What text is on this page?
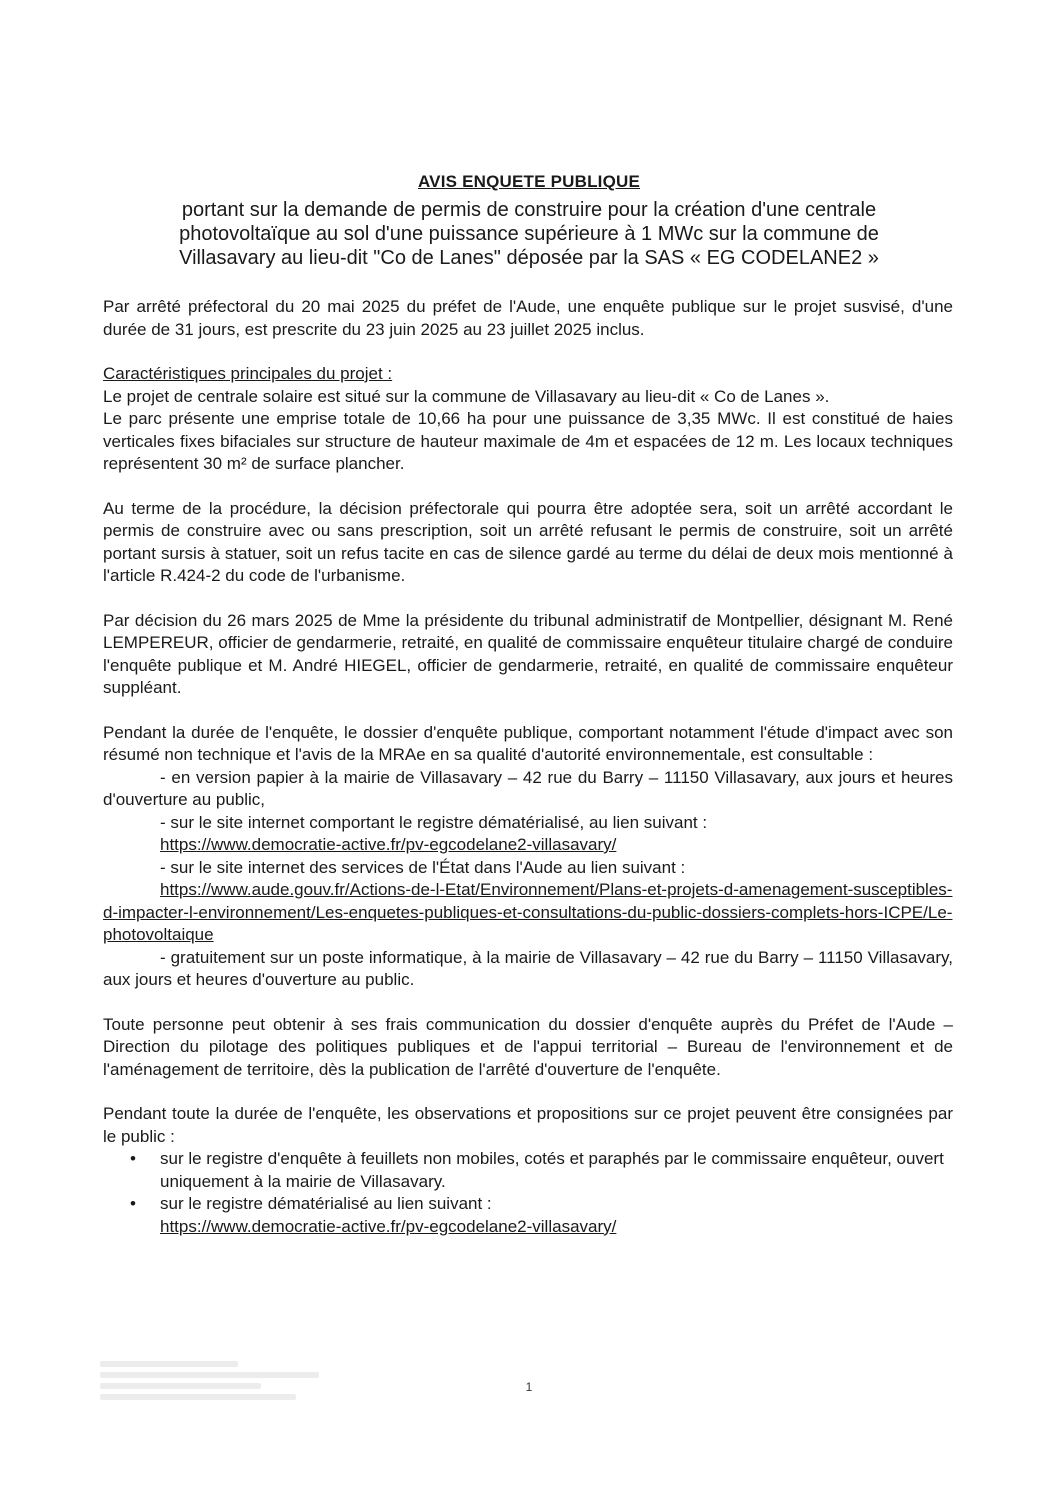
AVIS ENQUETE PUBLIQUE
portant sur la demande de permis de construire pour la création d'une centrale
photovoltaïque au sol d'une puissance supérieure à 1 MWc sur la commune de
Villasavary au lieu-dit "Co de Lanes" déposée par la SAS « EG CODELANE2 »

Par arrêté préfectoral du 20 mai 2025 du préfet de l'Aude, une enquête publique sur le projet susvisé, d'une durée de 31 jours, est prescrite du 23 juin 2025 au 23 juillet 2025 inclus.

Caractéristiques principales du projet :

Le projet de centrale solaire est situé sur la commune de Villasavary au lieu-dit « Co de Lanes ».

Le parc présente une emprise totale de 10,66 ha pour une puissance de 3,35 MWc. Il est constitué de haies verticales fixes bifaciales sur structure de hauteur maximale de 4m et espacées de 12 m. Les locaux techniques représentent 30 m² de surface plancher.

Au terme de la procédure, la décision préfectorale qui pourra être adoptée sera, soit un arrêté accordant le permis de construire avec ou sans prescription, soit un arrêté refusant le permis de construire, soit un arrêté portant sursis à statuer, soit un refus tacite en cas de silence gardé au terme du délai de deux mois mentionné à l'article R.424-2 du code de l'urbanisme.

Par décision du 26 mars 2025 de Mme la présidente du tribunal administratif de Montpellier, désignant M. René LEMPEREUR, officier de gendarmerie, retraité, en qualité de commissaire enquêteur titulaire chargé de conduire l'enquête publique et M. André HIEGEL, officier de gendarmerie, retraité, en qualité de commissaire enquêteur suppléant.

Pendant la durée de l'enquête, le dossier d'enquête publique, comportant notamment l'étude d'impact avec son résumé non technique et l'avis de la MRAe en sa qualité d'autorité environnementale, est consultable :

- en version papier à la mairie de Villasavary – 42 rue du Barry – 11150 Villasavary, aux jours et heures d'ouverture au public,

- sur le site internet comportant le registre dématérialisé, au lien suivant :

https://www.democratie-active.fr/pv-egcodelane2-villasavary/

- sur le site internet des services de l'État dans l'Aude au lien suivant :

https://www.aude.gouv.fr/Actions-de-l-Etat/Environnement/Plans-et-projets-d-amenagement-susceptibles-d-impacter-l-environnement/Les-enquetes-publiques-et-consultations-du-public-dossiers-complets-hors-ICPE/Le-photovoltaique

- gratuitement sur un poste informatique, à la mairie de Villasavary – 42 rue du Barry – 11150 Villasavary, aux jours et heures d'ouverture au public.

Toute personne peut obtenir à ses frais communication du dossier d'enquête auprès du Préfet de l'Aude – Direction du pilotage des politiques publiques et de l'appui territorial – Bureau de l'environnement et de l'aménagement de territoire, dès la publication de l'arrêté d'ouverture de l'enquête.

Pendant toute la durée de l'enquête, les observations et propositions sur ce projet peuvent être consignées par le public :

• sur le registre d'enquête à feuillets non mobiles, cotés et paraphés par le commissaire enquêteur, ouvert uniquement à la mairie de Villasavary.
• sur le registre dématérialisé au lien suivant :
https://www.democratie-active.fr/pv-egcodelane2-villasavary/
1
